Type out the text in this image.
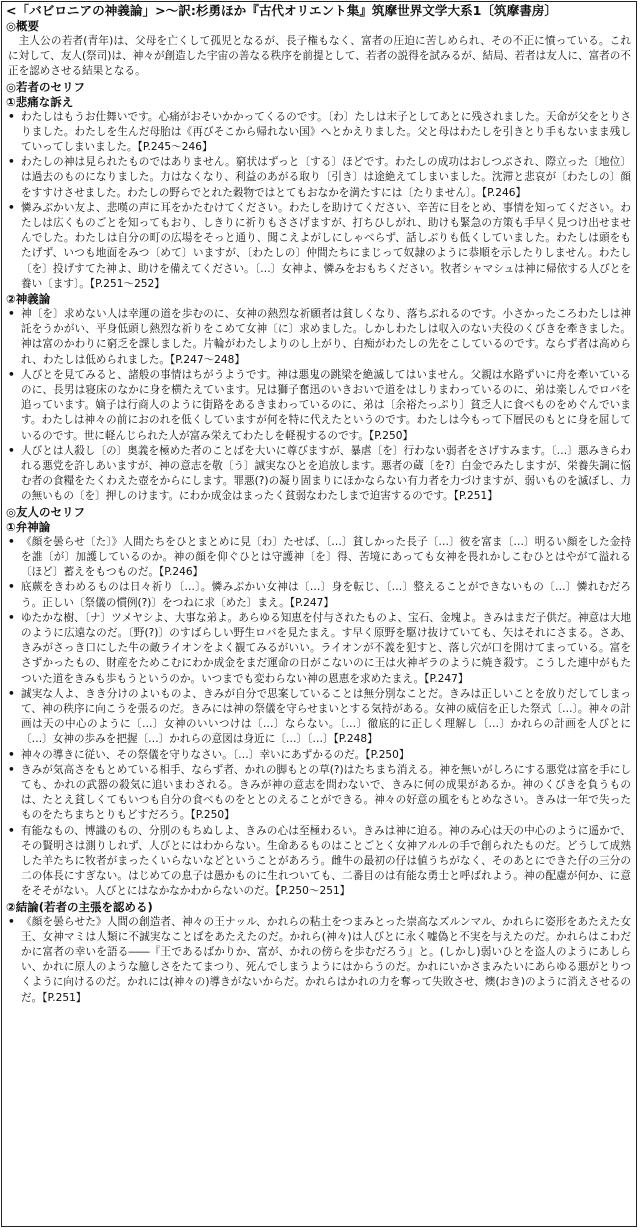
<「バビロニアの神義論」>〜訳:杉勇ほか『古代オリエント集』筑摩世界文学大系1〔筑摩書房〕
◎概要
主人公の若者(青年)は、父母を亡くして孤児となるが、長子権もなく、富者の圧迫に苦しめられ、その不正に憤っている。これに対して、友人(祭司)は、神々が創造した宇宙の善なる秩序を前提として、若者の説得を試みるが、結局、若者は友人に、富者の不正を認めさせる結果となる。
◎若者のセリフ
①悲痛な訴え
• わたしはもうお仕舞いです。心痛がおそいかかってくるのです。〔わ〕たしは末子としてあとに残されました。天命が父をとりさりました。わたしを生んだ母胎は《再びそこから帰れない国》へとかえりました。父と母はわたしを引きとり手もないまま残していってしまいました。【P.245〜246】
• わたしの神は見られたものではありません。窮状はずっと〔する〕ほどです。わたしの成功はおしつぶされ、際立った〔地位〕は過去のものになりました。力はなくなり、利益のあがる取り〔引き〕は途絶えてしまいました。沈滞と悲哀が〔わたしの〕顔をすすけさせました。わたしの野らでとれた穀物ではとてもおなかを満たすには〔たりません〕。【P.246】
• 憐みぶかい友よ、悲嘆の声に耳をかたむけてください。わたしを助けてください、辛苦に目をとめ、事情を知ってください。わたしは広くものごとを知ってもおり、しきりに祈りもささげますが、打ちひしがれ、助けも緊急の方策も手早く見つけ出せませんでした。わたしは自分の町の広場をそっと通り、聞こえよがしにしゃべらず、話しぶりも低くしていました。わたしは頭をもたげず、いつも地面をみつ〔めて〕いますが、〔わたしの〕仲間たちにまじって奴隷のように恭順を示したりしません。わたし〔を〕投げすてた神よ、助けを備えてください。〔…〕女神よ、憐みをおもちください。牧者シャマシュは神に帰依する人びとを養い〔ます〕。【P.251〜252】
②神義論
• 神〔を〕求めない人は幸運の道を歩むのに、女神の熱烈な祈願者は貧しくなり、落ちぶれるのです。小さかったころわたしは神託をうかがい、平身低頭し熱烈な祈りをこめて女神〔に〕求めました。しかしわたしは収入のない夫役のくびきを牽きました。神は富のかわりに窮乏を課しました。片輪がわたしよりのし上がり、白痴がわたしの先をこしているのです。ならず者は高められ、わたしは低められました。【P.247〜248】
• 人びとを見てみると、諸般の事情はちがうようです。神は悪鬼の跳梁を絶滅してはいません。父親は水路ずいに舟を牽いているのに、長男は寝床のなかに身を横たえています。兄は獅子奮迅のいきおいで道をはしりまわっているのに、弟は楽しんでロバを追っています。嫡子は行商人のように街路をあるきまわっているのに、弟は〔余裕たっぷり〕貧乏人に食べものをめぐんでいます。わたしは神々の前におのれを低くしていますが何を特に代えたというのです。わたしは今もって下層民のもとに身を屈しているのです。世に軽んじられた人が富み栄えてわたしを軽視するのです。【P.250】
• 人びとは人殺し〔の〕奥義を極めた者のことばを大いに尊びますが、暴虐〔を〕行わない弱者をさげすみます。〔…〕悪みきらわれる悪党を許しあいますが、神の意志を敬〔う〕誠実なひとを追放します。悪者の蔵〔を?〕白金でみたしますが、栄養失調に悩む者の食糧をたくわえた壺をからにします。罪悪(?)の凝り固まりにほかならない有力者を力づけますが、弱いものを滅ぼし、力の無いもの〔を〕押しのけます。にわか成金はまったく貧弱なわたしまで迫害するのです。【P.251】
◎友人のセリフ
①弁神論
• 《顔を曇らせ〔た〕》人間たちをひとまとめに見〔わ〕たせば、〔…〕貧しかった長子〔…〕彼を富ま〔…〕明るい顔をした金持を誰〔が〕加護しているのか。神の顔を仰ぐひとは守護神〔を〕得、苦境にあっても女神を畏れかしこむひとはやがて溢れる〔ほど〕蓄えをもつものだ。【P.246】
• 底蕨をきわめるものは日々祈り〔…〕。憐みぶかい女神は〔…〕身を転じ、〔…〕整えることができないもの〔…〕憐れむだろう。正しい〔祭儀の慣例(?)〕をつねに求〔めた〕まえ。【P.247】
• ゆたかな樹、〔ナ〕ツメヤシよ、大事な弟よ。あらゆる知恵を付与されたものよ、宝石、金塊よ。きみはまだ子供だ。神意は大地のように広遠なのだ。〔野(?)〕のすばらしい野生ロバを見たまえ。す早く原野を駆け抜けていても、矢はそれにさまる。さあ、きみがさっき口にした牛の敵ライオンをよく観てみるがいい。ライオンが不義を犯すと、落し穴が口を開けてまっている。富をさずかったもの、財産をためこむにわか成金をまだ運命の日がこないのに王は火神ギラのように焼き殺す。こうした連中がもたついた道をきみも歩もうというのか。いつまでも変わらない神の恩恵を求めたまえ。【P.247】
• 誠実な人よ、きき分けのよいものよ、きみが自分で思案していることは無分別なことだ。きみは正しいことを放りだしてしまって、神の秩序に向こうを張るのだ。きみには神の祭儀を守らせまいとする気持がある。女神の威信を正した祭式〔…〕。神々の計画は天の中心のように〔…〕女神のいいつけは〔…〕ならない。〔…〕徹底的に正しく理解し〔…〕かれらの計画を人びとに〔…〕女神の歩みを把握〔…〕かれらの意図は身近に〔…〕〔…〕【P.248】
• 神々の導きに従い、その祭儀を守りなさい。〔…〕幸いにあずかるのだ。【P.250】
• きみが気高さをもとめている相手、ならず者、かれの脚もとの草(?)はたちまち消える。神を無いがしろにする悪党は富を手にしても、かれの武器の殺気に追いまわされる。きみが神の意志を問わないで、きみに何の成果があるか。神のくびきを負うものは、たとえ貧しくてもいつも自分の食べものをととのえることができる。神々の好意の風をもとめなさい。きみは一年で失ったものをたちまちとりもどすだろう。【P.250】
• 有能なもの、博識のもの、分別のもちぬしよ、きみの心は至極わるい。きみは神に迫る。神のみ心は天の中心のように遥かで、その賢明さは測りしれず、人びとにはわからない。生命あるものはことごとく女神アルルの手で創られたものだ。どうして成熟した羊たちに牧者がまったくいらないなどということがあろう。雌牛の最初の仔は値うちがなく、そのあとにできた仔の三分の二の体長にすぎない。はじめての息子は愚かものに生れついても、二番目のは有能な勇士と呼ばれよう。神の配慮が何か、に意をそそがない。人びとにはなかなかわからないのだ。【P.250〜251】
②結論(若者の主張を認める)
• 《顔を曇らせた》人間の創造者、神々の王ナッル、かれらの粘土をつまみとった崇高なズルンマル、かれらに姿形をあたえた女王、女神マミは人類に不誠実なことばをあたえたのだ。かれら(神々)は人びとに永く嘘偽と不実を与えたのだ。かれらはこわだかに富者の幸いを語る――『王であるばかりか、富が、かれの傍らを歩むだろう』と。(しかし)弱いひとを盗人のようにあしらい、かれに原人のような臆しさをたてまつり、死んでしまうようにはからうのだ。かれにいかさまみたいにあらゆる悪がとりつくように向けるのだ。かれには(神々の)導きがないからだ。かれらはかれの力を奪って失敗させ、燠(おき)のように消えさせるのだ。【P.251】
